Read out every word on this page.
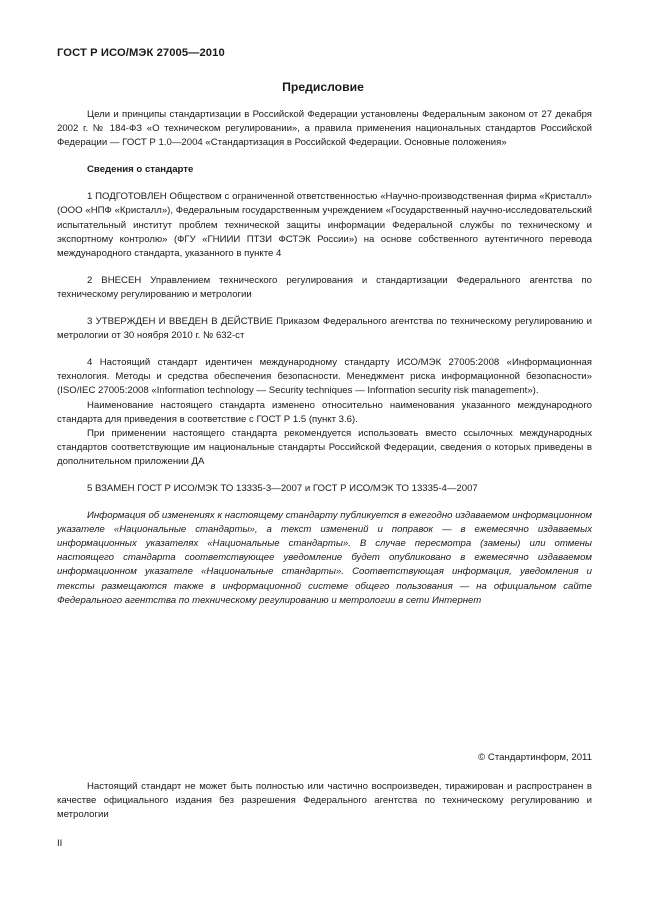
ГОСТ Р ИСО/МЭК 27005—2010
Предисловие

Цели и принципы стандартизации в Российской Федерации установлены Федеральным законом от 27 декабря 2002 г. № 184-ФЗ «О техническом регулировании», а правила применения национальных стандартов Российской Федерации — ГОСТ Р 1.0—2004 «Стандартизация в Российской Федерации. Основные положения»

Сведения о стандарте

1 ПОДГОТОВЛЕН Обществом с ограниченной ответственностью «Научно-производственная фирма «Кристалл» (ООО «НПФ «Кристалл»), Федеральным государственным учреждением «Государственный научно-исследовательский испытательный институт проблем технической защиты информации Федеральной службы по техническому и экспортному контролю» (ФГУ «ГНИИИ ПТЗИ ФСТЭК России») на основе собственного аутентичного перевода международного стандарта, указанного в пункте 4

2 ВНЕСЕН Управлением технического регулирования и стандартизации Федерального агентства по техническому регулированию и метрологии

3 УТВЕРЖДЕН И ВВЕДЕН В ДЕЙСТВИЕ Приказом Федерального агентства по техническому регулированию и метрологии от 30 ноября 2010 г. № 632-ст

4 Настоящий стандарт идентичен международному стандарту ИСО/МЭК 27005:2008 «Информационная технология. Методы и средства обеспечения безопасности. Менеджмент риска информационной безопасности» (ISO/IEC 27005:2008 «Information technology — Security techniques — Information security risk management»).

Наименование настоящего стандарта изменено относительно наименования указанного международного стандарта для приведения в соответствие с ГОСТ Р 1.5 (пункт 3.6).

При применении настоящего стандарта рекомендуется использовать вместо ссылочных международных стандартов соответствующие им национальные стандарты Российской Федерации, сведения о которых приведены в дополнительном приложении ДА

5 ВЗАМЕН ГОСТ Р ИСО/МЭК ТО 13335-3—2007 и ГОСТ Р ИСО/МЭК ТО 13335-4—2007

Информация об изменениях к настоящему стандарту публикуется в ежегодно издаваемом информационном указателе «Национальные стандарты», а текст изменений и поправок — в ежемесячно издаваемых информационных указателях «Национальные стандарты». В случае пересмотра (замены) или отмены настоящего стандарта соответствующее уведомление будет опубликовано в ежемесячно издаваемом информационном указателе «Национальные стандарты». Соответствующая информация, уведомления и тексты размещаются также в информационной системе общего пользования — на официальном сайте Федерального агентства по техническому регулированию и метрологии в сети Интернет

© Стандартинформ, 2011
Настоящий стандарт не может быть полностью или частично воспроизведен, тиражирован и распространен в качестве официального издания без разрешения Федерального агентства по техническому регулированию и метрологии
II
